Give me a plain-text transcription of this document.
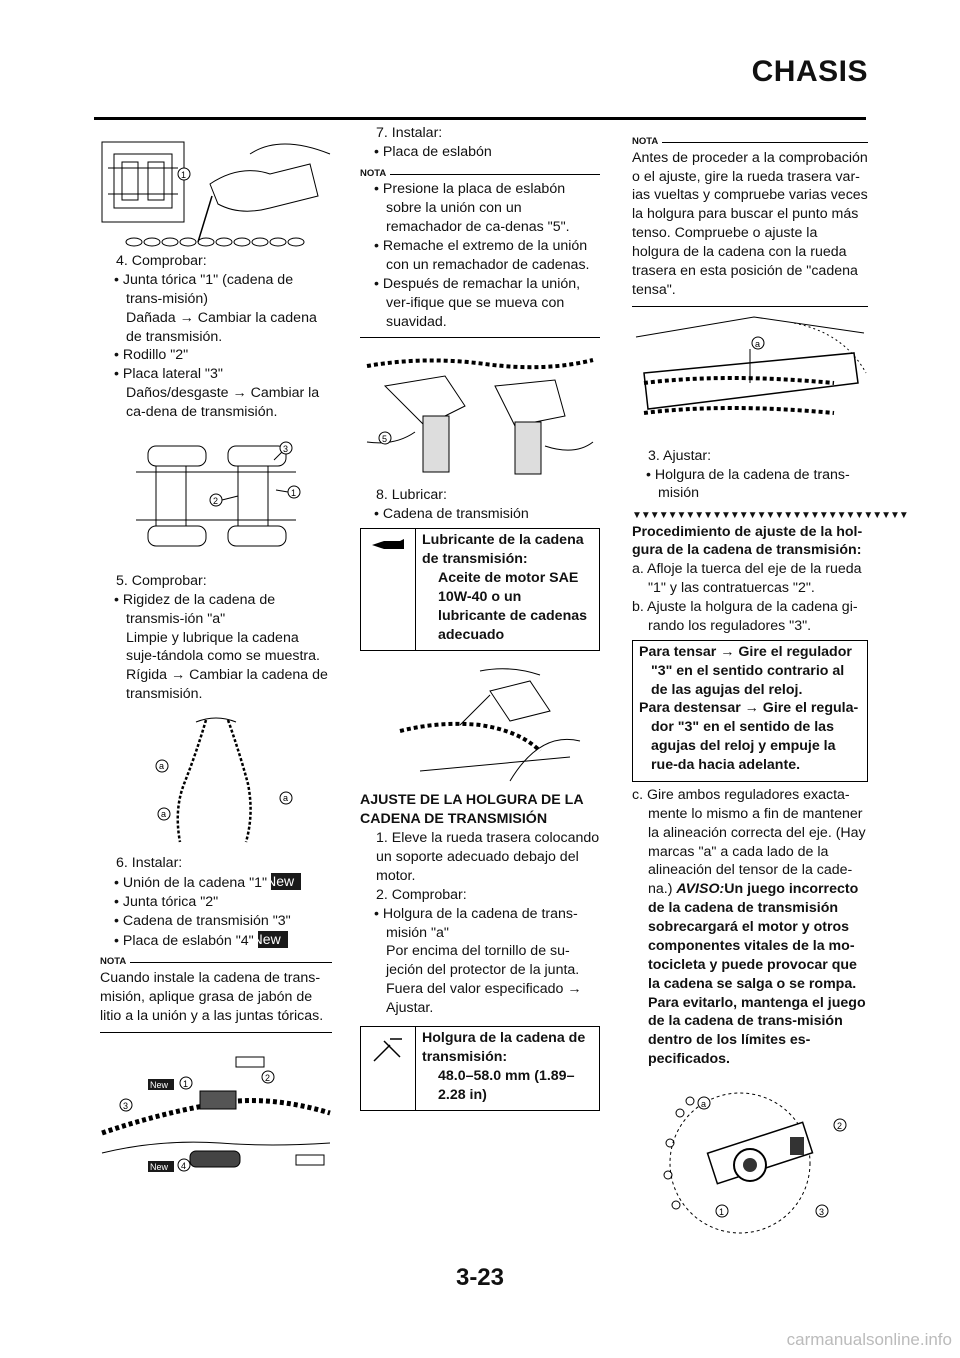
CHASIS
1

4. Comprobar:

• Junta tórica "1" (cadena de trans-misión)

Dañada → Cambiar la cadena de transmisión.

• Rodillo "2"

• Placa lateral "3"

Daños/desgaste → Cambiar la ca-dena de transmisión.

3
2
1

5. Comprobar:

• Rigidez de la cadena de transmis-ión "a"

Limpie y lubrique la cadena suje-tándola como se muestra.

Rígida → Cambiar la cadena de transmisión.

a
a
a

6. Instalar:

• Unión de la cadena "1"New

• Junta tórica "2"

• Cadena de transmisión "3"

• Placa de eslabón "4"New

NOTA

Cuando instale la cadena de trans-misión, aplique grasa de jabón de litio a la unión y a las juntas tóricas.

New
New
1
2
3
4

7. Instalar:

• Placa de eslabón

NOTA

• Presione la placa de eslabón sobre la unión con un remachador de ca-denas "5".

• Remache el extremo de la unión con un remachador de cadenas.

• Después de remachar la unión, ver-ifique que se mueva con suavidad.

5

8. Lubricar:

• Cadena de transmisión

Lubricante de la cadena de transmisión:

Aceite de motor SAE 10W-40 o un lubricante de cadenas adecuado

AJUSTE DE LA HOLGURA DE LA CADENA DE TRANSMISIÓN

1. Eleve la rueda trasera colocando un soporte adecuado debajo del motor.

2. Comprobar:

• Holgura de la cadena de trans-misión "a"

Por encima del tornillo de su-jeción del protector de la junta.

Fuera del valor especificado → Ajustar.

Holgura de la cadena de transmisión:

48.0–58.0 mm (1.89–2.28 in)

NOTA

Antes de proceder a la comprobación o el ajuste, gire la rueda trasera var-ias vueltas y compruebe varias veces la holgura para buscar el punto más tenso. Compruebe o ajuste la holgura de la cadena con la rueda trasera en esta posición de "cadena tensa".

a

3. Ajustar:

• Holgura de la cadena de trans-misión

▼▼▼▼▼▼▼▼▼▼▼▼▼▼▼▼▼▼▼▼▼▼▼▼▼▼▼▼▼▼▼

Procedimiento de ajuste de la hol-gura de la cadena de transmisión:

a. Afloje la tuerca del eje de la rueda "1" y las contratuercas "2".

b. Ajuste la holgura de la cadena gi-rando los reguladores "3".

Para tensar → Gire el regulador "3" en el sentido contrario al de las agujas del reloj.

Para destensar → Gire el regula-dor "3" en el sentido de las agujas del reloj y empuje la rue-da hacia adelante.

c. Gire ambos reguladores exacta-mente lo mismo a fin de mantener la alineación correcta del eje. (Hay marcas "a" a cada lado de la alineación del tensor de la cade-na.) AVISO:Un juego incorrecto de la cadena de transmisión sobrecargará el motor y otros componentes vitales de la mo-tocicleta y puede provocar que la cadena se salga o se rompa. Para evitarlo, mantenga el juego de la cadena de trans-misión dentro de los límites es-pecificados.

a
2
1	3
3-23
carmanualsonline.info
